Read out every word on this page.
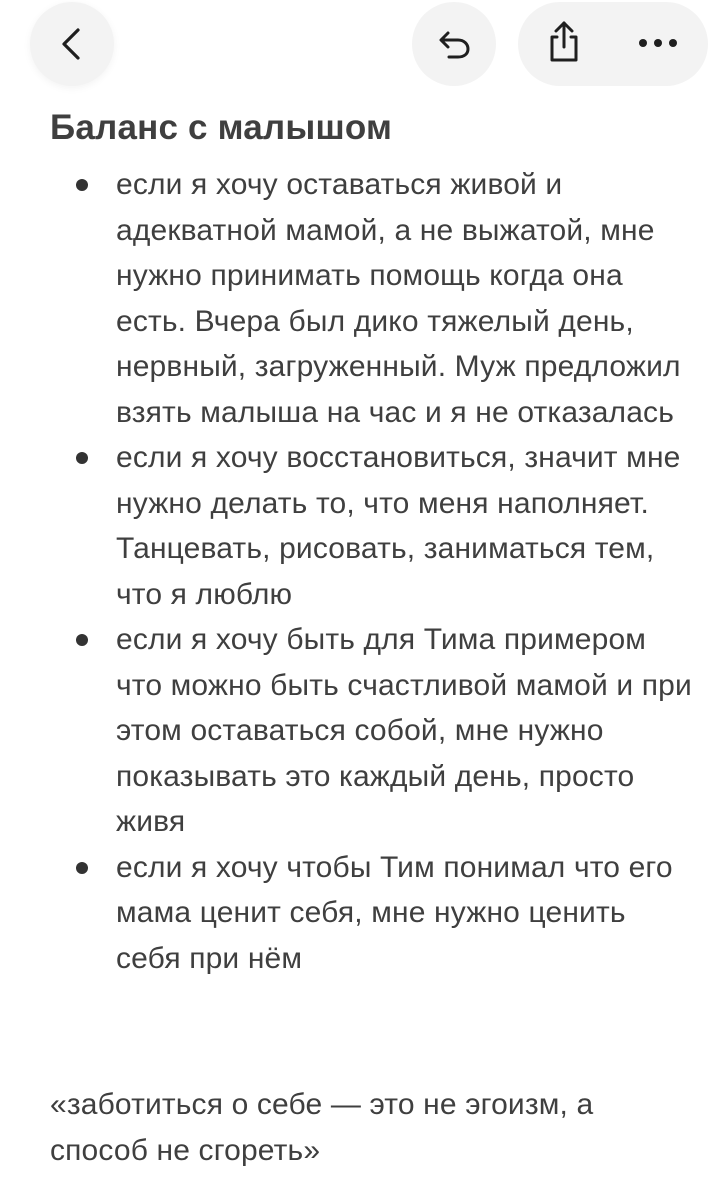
Баланс с малышом
если я хочу оставаться живой и адекватной мамой, а не выжатой, мне нужно принимать помощь когда она есть. Вчера был дико тяжелый день, нервный, загруженный. Муж предложил взять малыша на час и я не отказалась
если я хочу восстановиться, значит мне нужно делать то, что меня наполняет. Танцевать, рисовать, заниматься тем, что я люблю
если я хочу быть для Тима примером что можно быть счастливой мамой и при этом оставаться собой, мне нужно показывать это каждый день, просто живя
если я хочу чтобы Тим понимал что его мама ценит себя, мне нужно ценить себя при нём

«заботиться о себе — это не эгоизм, а способ не сгореть»
